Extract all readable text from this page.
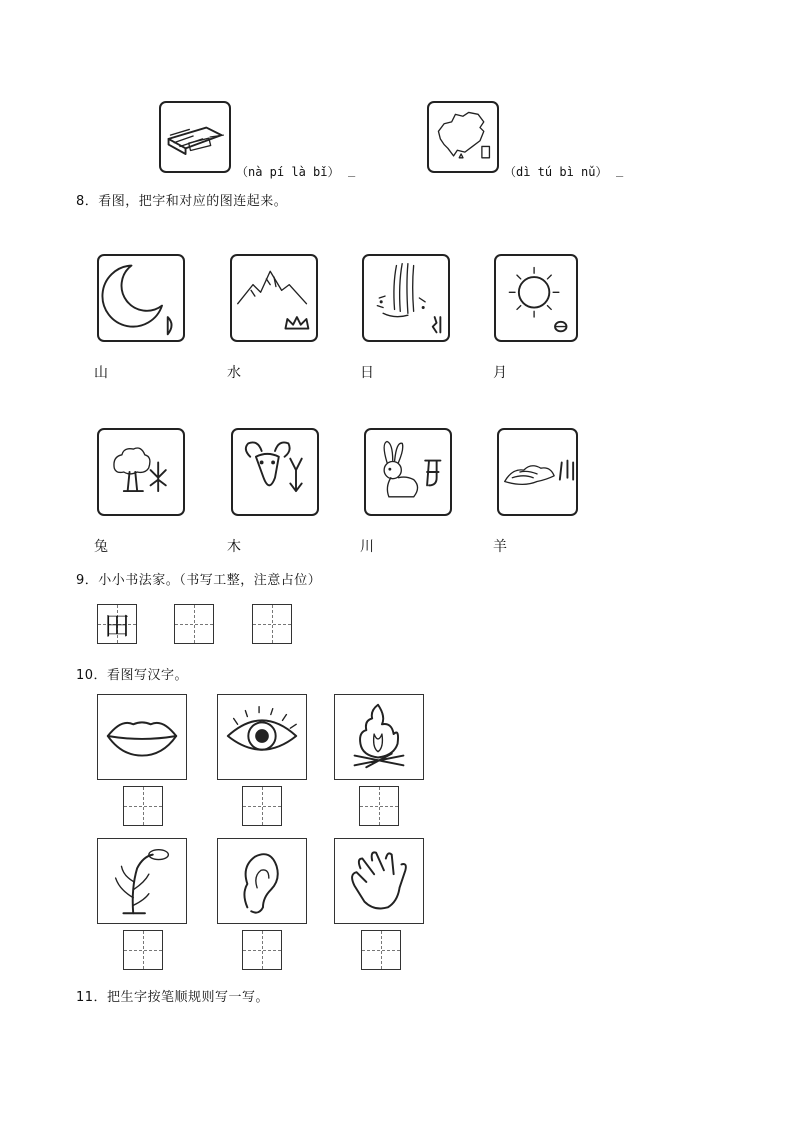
（nà pí là bǐ） _	（dì tú bì nǔ） _
8．看图，把字和对应的图连起来。
山	水	日	月
兔	木	川	羊
9．小小书法家。（书写工整，注意占位）
田
10．看图写汉字。
11．把生字按笔顺规则写一写。
